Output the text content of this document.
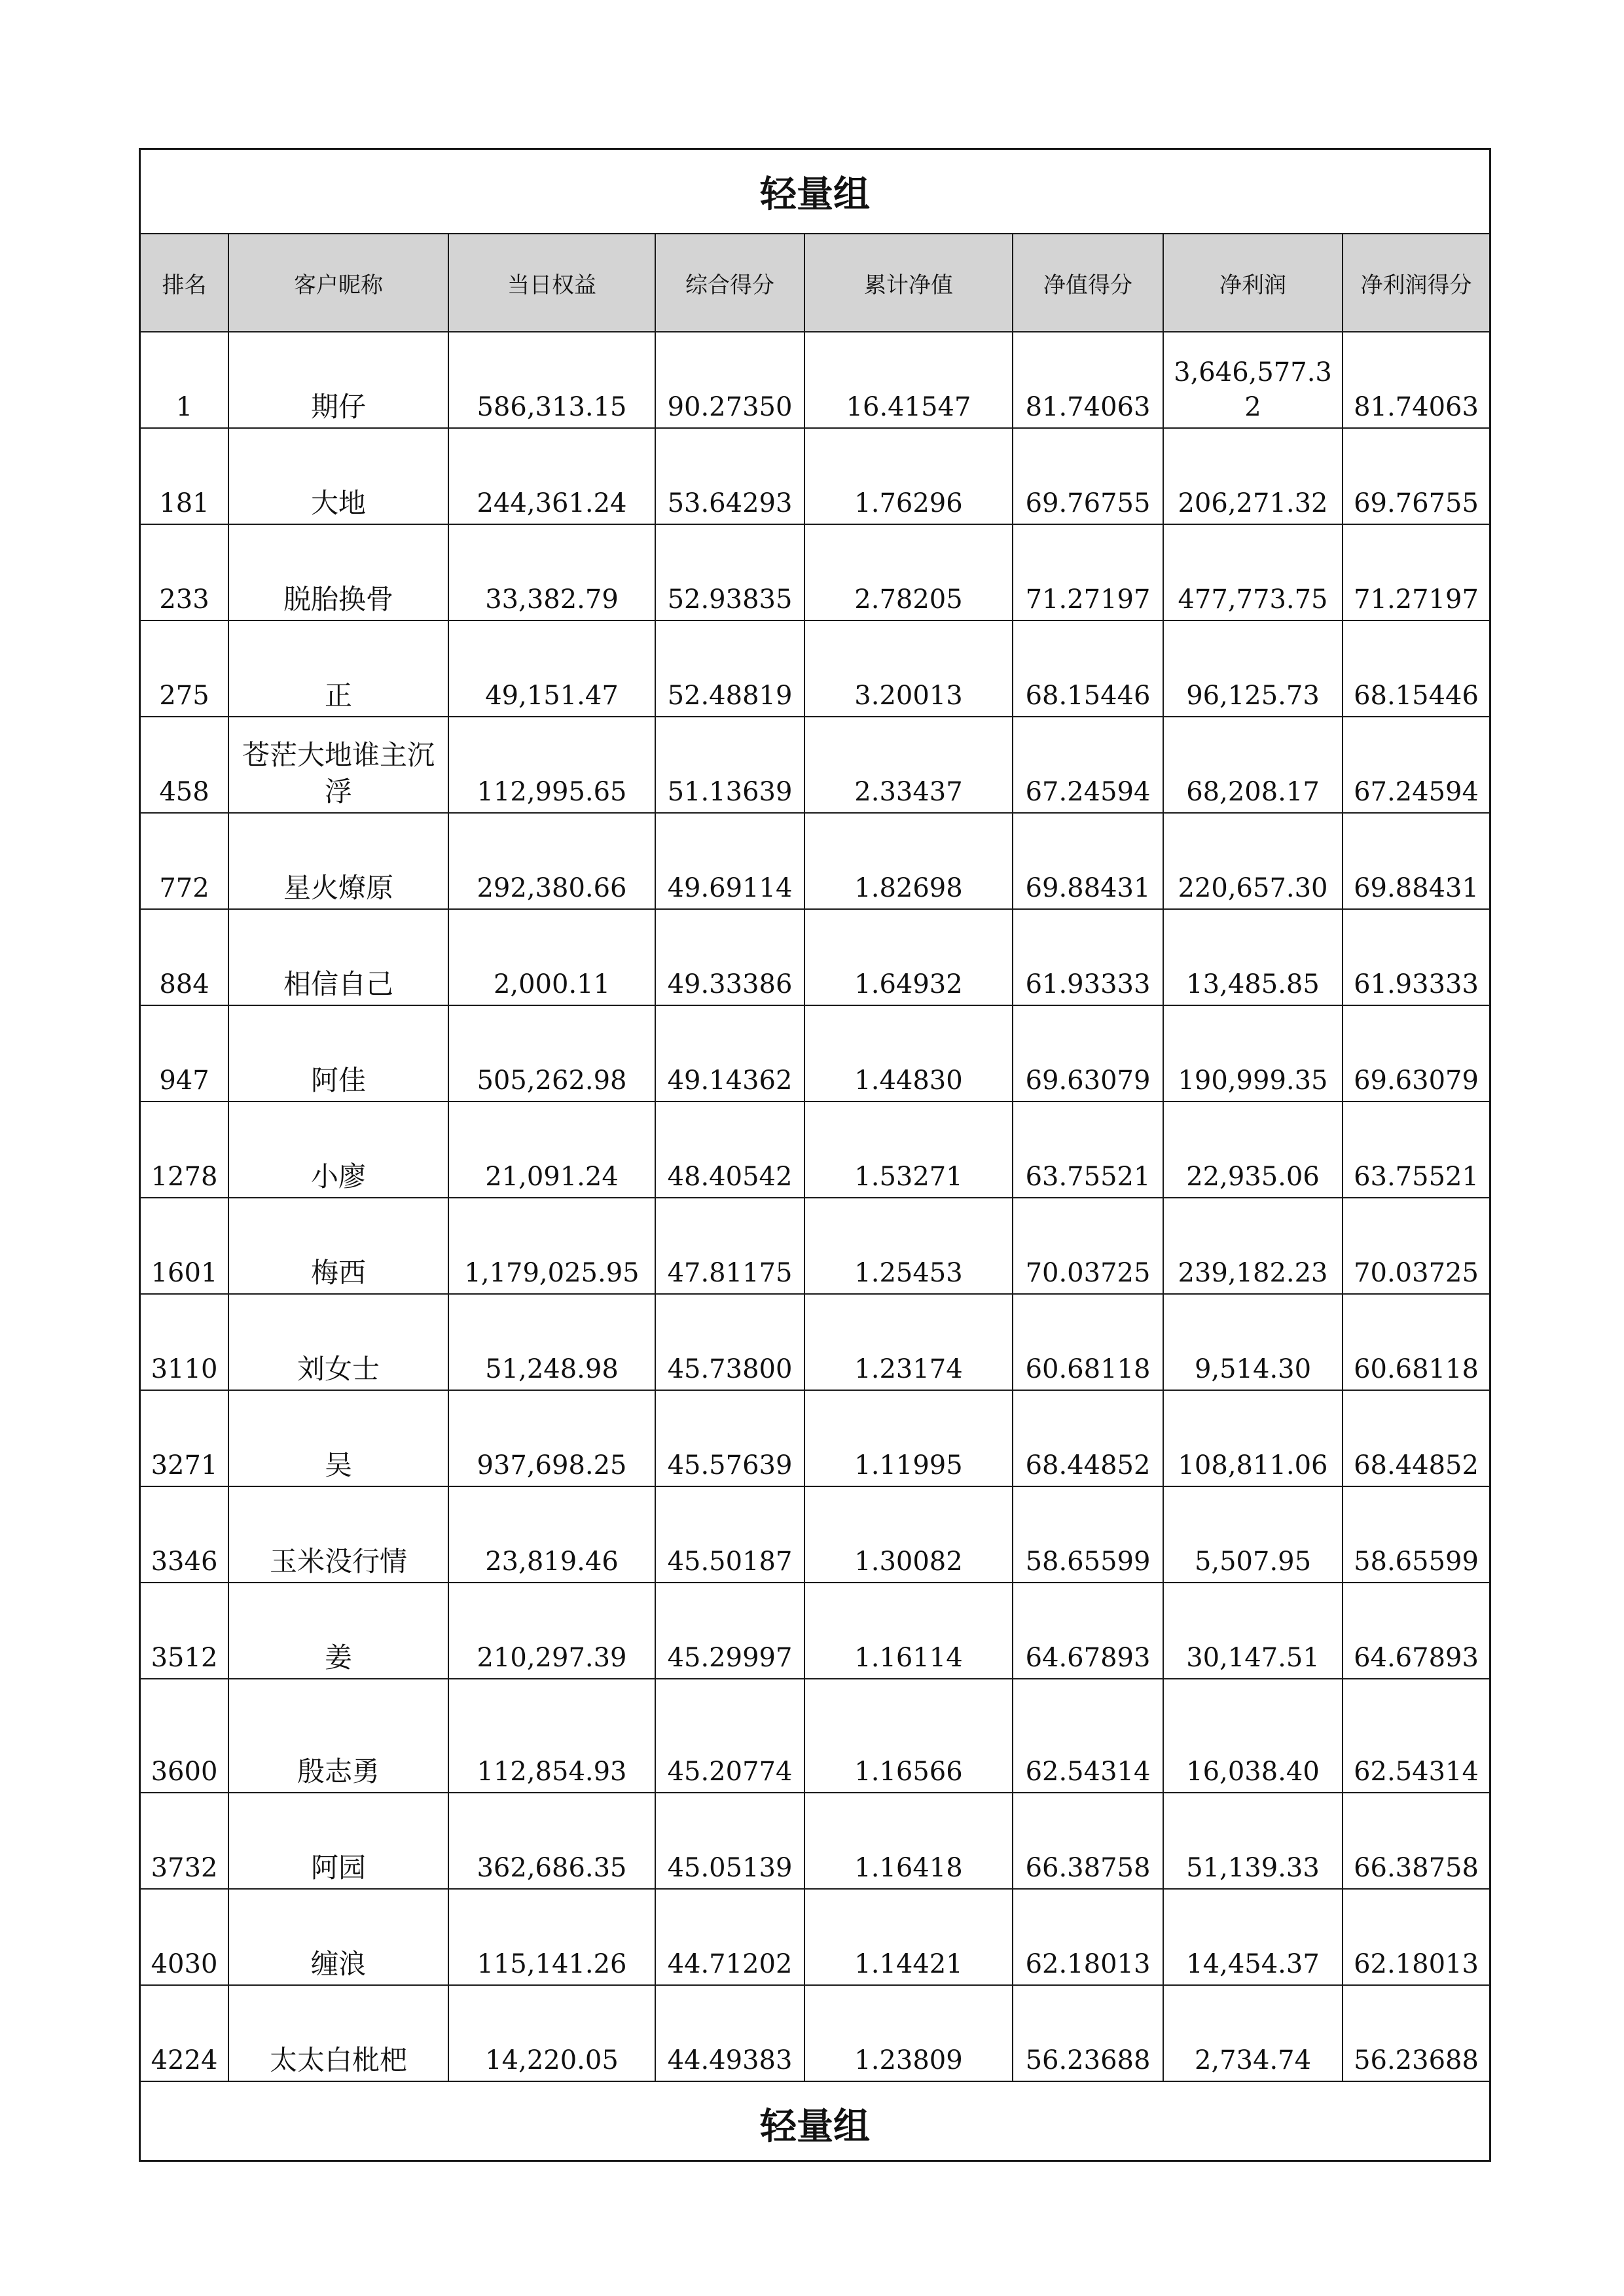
轻量组							
排名	客户昵称	当日权益	综合得分	累计净值	净值得分	净利润	净利润得分
1	期仔	586,313.15	90.27350	16.41547	81.74063	3,646,577.32	81.74063
181	大地	244,361.24	53.64293	1.76296	69.76755	206,271.32	69.76755
233	脱胎换骨	33,382.79	52.93835	2.78205	71.27197	477,773.75	71.27197
275	正	49,151.47	52.48819	3.20013	68.15446	96,125.73	68.15446
458	苍茫大地谁主沉浮	112,995.65	51.13639	2.33437	67.24594	68,208.17	67.24594
772	星火燎原	292,380.66	49.69114	1.82698	69.88431	220,657.30	69.88431
884	相信自己	2,000.11	49.33386	1.64932	61.93333	13,485.85	61.93333
947	阿佳	505,262.98	49.14362	1.44830	69.63079	190,999.35	69.63079
1278	小廖	21,091.24	48.40542	1.53271	63.75521	22,935.06	63.75521
1601	梅西	1,179,025.95	47.81175	1.25453	70.03725	239,182.23	70.03725
3110	刘女士	51,248.98	45.73800	1.23174	60.68118	9,514.30	60.68118
3271	吴	937,698.25	45.57639	1.11995	68.44852	108,811.06	68.44852
3346	玉米没行情	23,819.46	45.50187	1.30082	58.65599	5,507.95	58.65599
3512	姜	210,297.39	45.29997	1.16114	64.67893	30,147.51	64.67893
3600	殷志勇	112,854.93	45.20774	1.16566	62.54314	16,038.40	62.54314
3732	阿园	362,686.35	45.05139	1.16418	66.38758	51,139.33	66.38758
4030	缠浪	115,141.26	44.71202	1.14421	62.18013	14,454.37	62.18013
4224	太太白枇杷	14,220.05	44.49383	1.23809	56.23688	2,734.74	56.23688
轻量组							
